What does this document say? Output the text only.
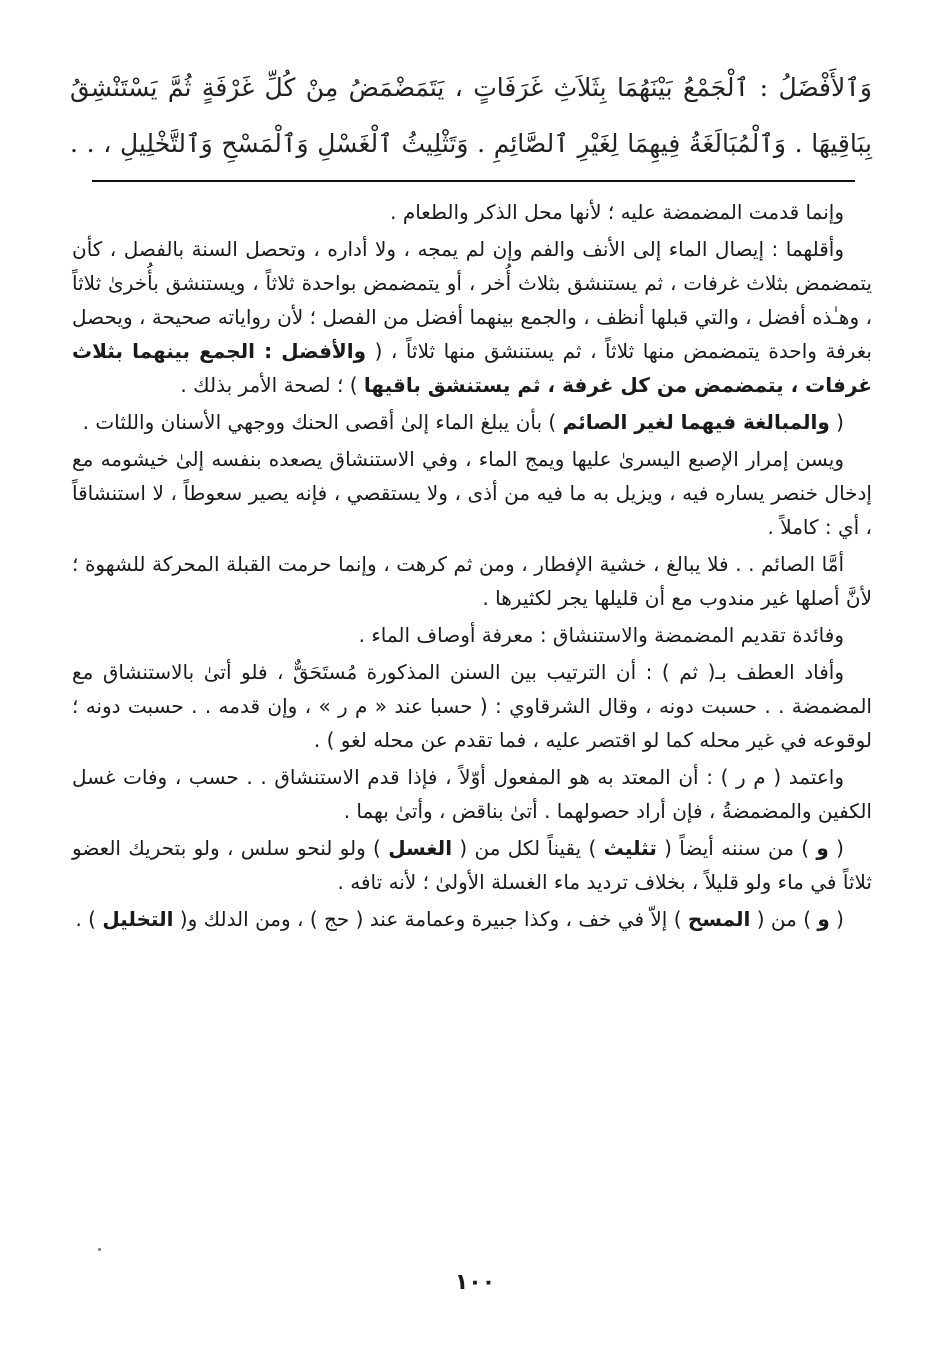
وَٱلأَفْضَلُ : ٱلْجَمْعُ بَيْنَهُمَا بِثَلاَثِ غَرَفَاتٍ ، يَتَمَضْمَضُ مِنْ كُلِّ غَرْفَةٍ ثُمَّ يَسْتَنْشِقُ

بِبَاقِيهَا . وَٱلْمُبَالَغَةُ فِيهِمَا لِغَيْرِ ٱلصَّائِمِ . وَتَثْلِيثُ ٱلْغَسْلِ وَٱلْمَسْحِ وَٱلتَّخْلِيلِ ، . .

وإنما قدمت المضمضة عليه ؛ لأنها محل الذكر والطعام .

وأقلهما : إيصال الماء إلى الأنف والفم وإن لم يمجه ، ولا أداره ، وتحصل السنة بالفصل ، كأن يتمضمض بثلاث غرفات ، ثم يستنشق بثلاث أُخر ، أو يتمضمض بواحدة ثلاثاً ، ويستنشق بأُخرىٰ ثلاثاً ، وهـٰذه أفضل ، والتي قبلها أنظف ، والجمع بينهما أفضل من الفصل ؛ لأن رواياته صحيحة ، ويحصل بغرفة واحدة يتمضمض منها ثلاثاً ، ثم يستنشق منها ثلاثاً ، ( والأفضل : الجمع بينهما بثلاث غرفات ، يتمضمض من كل غرفة ، ثم يستنشق باقيها ) ؛ لصحة الأمر بذلك .

( والمبالغة فيهما لغير الصائم ) بأن يبلغ الماء إلىٰ أقصى الحنك ووجهي الأسنان واللثات .

ويسن إمرار الإصبع اليسرىٰ عليها ويمج الماء ، وفي الاستنشاق يصعده بنفسه إلىٰ خيشومه مع إدخال خنصر يساره فيه ، ويزيل به ما فيه من أذى ، ولا يستقصي ، فإنه يصير سعوطاً ، لا استنشاقاً ، أي : كاملاً .

أمَّا الصائم . . فلا يبالغ ، خشية الإفطار ، ومن ثم كرهت ، وإنما حرمت القبلة المحركة للشهوة ؛ لأنَّ أصلها غير مندوب مع أن قليلها يجر لكثيرها .

وفائدة تقديم المضمضة والاستنشاق : معرفة أوصاف الماء .

وأفاد العطف بـ( ثم ) : أن الترتيب بين السنن المذكورة مُستَحَقٌّ ، فلو أتىٰ بالاستنشاق مع المضمضة . . حسبت دونه ، وقال الشرقاوي : ( حسبا عند « م ر » ، وإن قدمه . . حسبت دونه ؛ لوقوعه في غير محله كما لو اقتصر عليه ، فما تقدم عن محله لغو ) .

واعتمد ( م ر ) : أن المعتد به هو المفعول أوّلاً ، فإذا قدم الاستنشاق . . حسب ، وفات غسل الكفين والمضمضةُ ، فإن أراد حصولهما . أتىٰ بناقض ، وأتىٰ بهما .

( و ) من سننه أيضاً ( تثليث ) يقيناً لكل من ( الغسل ) ولو لنحو سلس ، ولو بتحريك العضو ثلاثاً في ماء ولو قليلاً ، بخلاف ترديد ماء الغسلة الأولىٰ ؛ لأنه تافه .

( و ) من ( المسح ) إلاّ في خف ، وكذا جبيرة وعمامة عند ( حج ) ، ومن الدلك و( التخليل ) .

١٠٠
